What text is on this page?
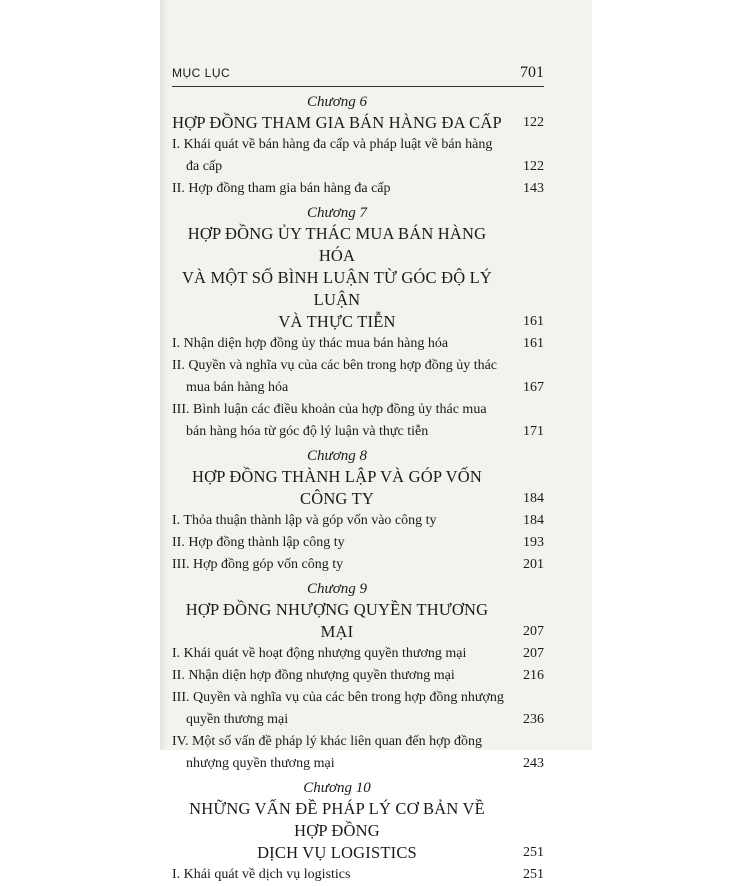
MỤC LỤC	701
Chương 6
HỢP ĐỒNG THAM GIA BÁN HÀNG ĐA CẤP 122
I. Khái quát về bán hàng đa cấp và pháp luật về bán hàng
đa cấp	122
II. Hợp đồng tham gia bán hàng đa cấp	143
Chương 7
HỢP ĐỒNG ỦY THÁC MUA BÁN HÀNG HÓA
VÀ MỘT SỐ BÌNH LUẬN TỪ GÓC ĐỘ LÝ LUẬN
VÀ THỰC TIỄN	161
I. Nhận diện hợp đồng ủy thác mua bán hàng hóa	161
II. Quyền và nghĩa vụ của các bên trong hợp đồng ủy thác
mua bán hàng hóa	167
III. Bình luận các điều khoản của hợp đồng ủy thác mua
bán hàng hóa từ góc độ lý luận và thực tiễn	171
Chương 8
HỢP ĐỒNG THÀNH LẬP VÀ GÓP VỐN CÔNG TY	184
I. Thỏa thuận thành lập và góp vốn vào công ty	184
II. Hợp đồng thành lập công ty	193
III. Hợp đồng góp vốn công ty	201
Chương 9
HỢP ĐỒNG NHƯỢNG QUYỀN THƯƠNG MẠI	207
I. Khái quát về hoạt động nhượng quyền thương mại	207
II. Nhận diện hợp đồng nhượng quyền thương mại	216
III. Quyền và nghĩa vụ của các bên trong hợp đồng nhượng
quyền thương mại	236
IV. Một số vấn đề pháp lý khác liên quan đến hợp đồng
nhượng quyền thương mại	243
Chương 10
NHỮNG VẤN ĐỀ PHÁP LÝ CƠ BẢN VỀ HỢP ĐỒNG
DỊCH VỤ LOGISTICS	251
I. Khái quát về dịch vụ logistics	251
